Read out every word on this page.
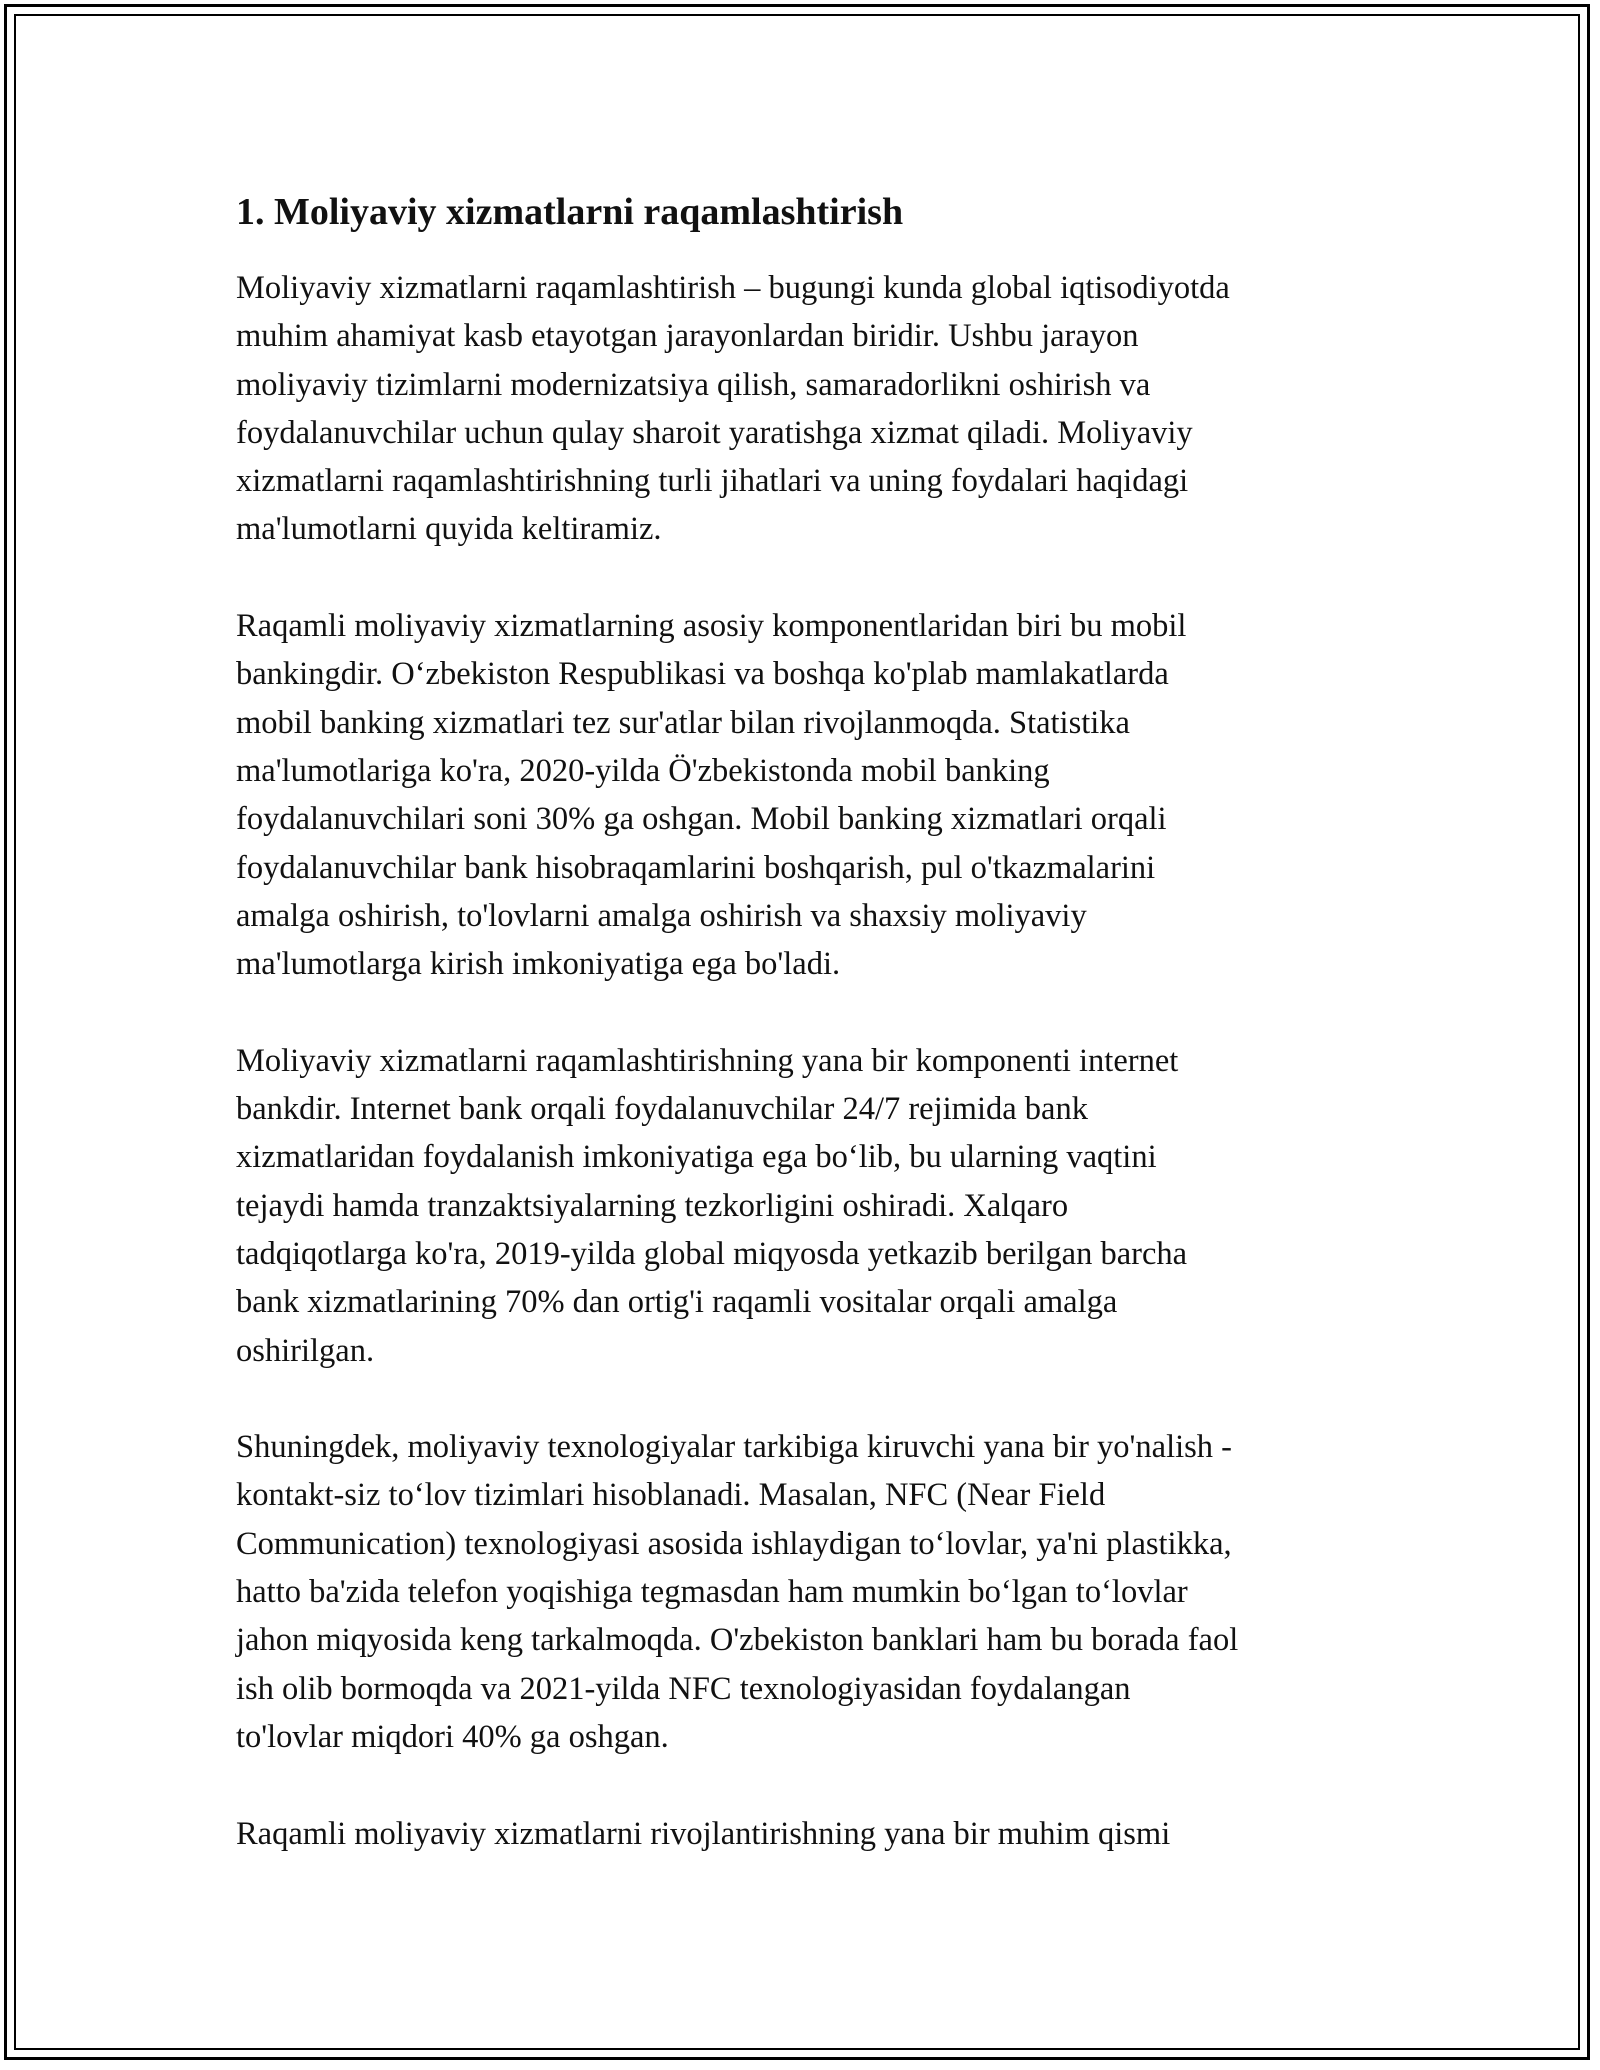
1. Moliyaviy xizmatlarni raqamlashtirish

Moliyaviy xizmatlarni raqamlashtirish – bugungi kunda global iqtisodiyotda
muhim ahamiyat kasb etayotgan jarayonlardan biridir. Ushbu jarayon
moliyaviy tizimlarni modernizatsiya qilish, samaradorlikni oshirish va
foydalanuvchilar uchun qulay sharoit yaratishga xizmat qiladi. Moliyaviy
xizmatlarni raqamlashtirishning turli jihatlari va uning foydalari haqidagi
ma'lumotlarni quyida keltiramiz.

Raqamli moliyaviy xizmatlarning asosiy komponentlaridan biri bu mobil
bankingdir. O‘zbekiston Respublikasi va boshqa ko'plab mamlakatlarda
mobil banking xizmatlari tez sur'atlar bilan rivojlanmoqda. Statistika
ma'lumotlariga ko'ra, 2020-yilda Ö'zbekistonda mobil banking
foydalanuvchilari soni 30% ga oshgan. Mobil banking xizmatlari orqali
foydalanuvchilar bank hisobraqamlarini boshqarish, pul o'tkazmalarini
amalga oshirish, to'lovlarni amalga oshirish va shaxsiy moliyaviy
ma'lumotlarga kirish imkoniyatiga ega bo'ladi.

Moliyaviy xizmatlarni raqamlashtirishning yana bir komponenti internet
bankdir. Internet bank orqali foydalanuvchilar 24/7 rejimida bank
xizmatlaridan foydalanish imkoniyatiga ega bo‘lib, bu ularning vaqtini
tejaydi hamda tranzaktsiyalarning tezkorligini oshiradi. Xalqaro
tadqiqotlarga ko'ra, 2019-yilda global miqyosda yetkazib berilgan barcha
bank xizmatlarining 70% dan ortig'i raqamli vositalar orqali amalga
oshirilgan.

Shuningdek, moliyaviy texnologiyalar tarkibiga kiruvchi yana bir yo'nalish -
kontakt-siz to‘lov tizimlari hisoblanadi. Masalan, NFC (Near Field
Communication) texnologiyasi asosida ishlaydigan to‘lovlar, ya'ni plastikka,
hatto ba'zida telefon yoqishiga tegmasdan ham mumkin bo‘lgan to‘lovlar
jahon miqyosida keng tarkalmoqda. O'zbekiston banklari ham bu borada faol
ish olib bormoqda va 2021-yilda NFC texnologiyasidan foydalangan
to'lovlar miqdori 40% ga oshgan.

Raqamli moliyaviy xizmatlarni rivojlantirishning yana bir muhim qismi
